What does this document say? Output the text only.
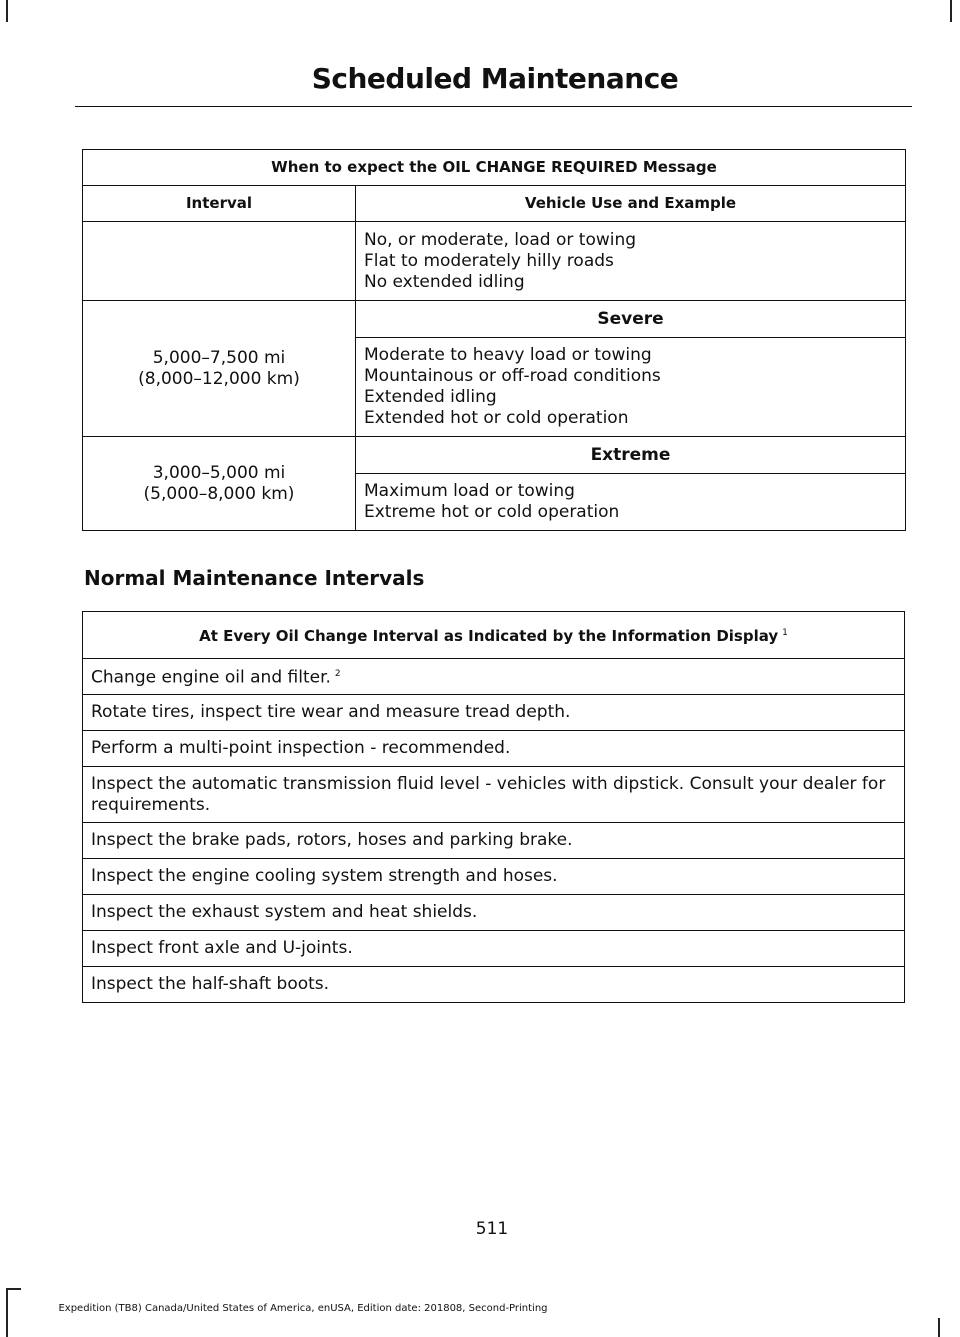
Scheduled Maintenance
When to expect the OIL CHANGE REQUIRED Message	
Interval	Vehicle Use and Example

	No, or moderate, load or towing
Flat to moderately hilly roads
No extended idling

5,000–7,500 mi
(8,000–12,000 km)	Severe

	Moderate to heavy load or towing
Mountainous or off-road conditions
Extended idling
Extended hot or cold operation

3,000–5,000 mi
(5,000–8,000 km)	Extreme

	Maximum load or towing
Extreme hot or cold operation
Normal Maintenance Intervals
At Every Oil Change Interval as Indicated by the Information Display $^1$
Change engine oil and filter. $^2$
Rotate tires, inspect tire wear and measure tread depth.
Perform a multi-point inspection - recommended.
Inspect the automatic transmission fluid level - vehicles with dipstick. Consult your dealer for requirements.
Inspect the brake pads, rotors, hoses and parking brake.
Inspect the engine cooling system strength and hoses.
Inspect the exhaust system and heat shields.
Inspect front axle and U-joints.
Inspect the half-shaft boots.
511
Expedition (TB8) Canada/United States of America, enUSA, Edition date: 201808, Second-Printing
